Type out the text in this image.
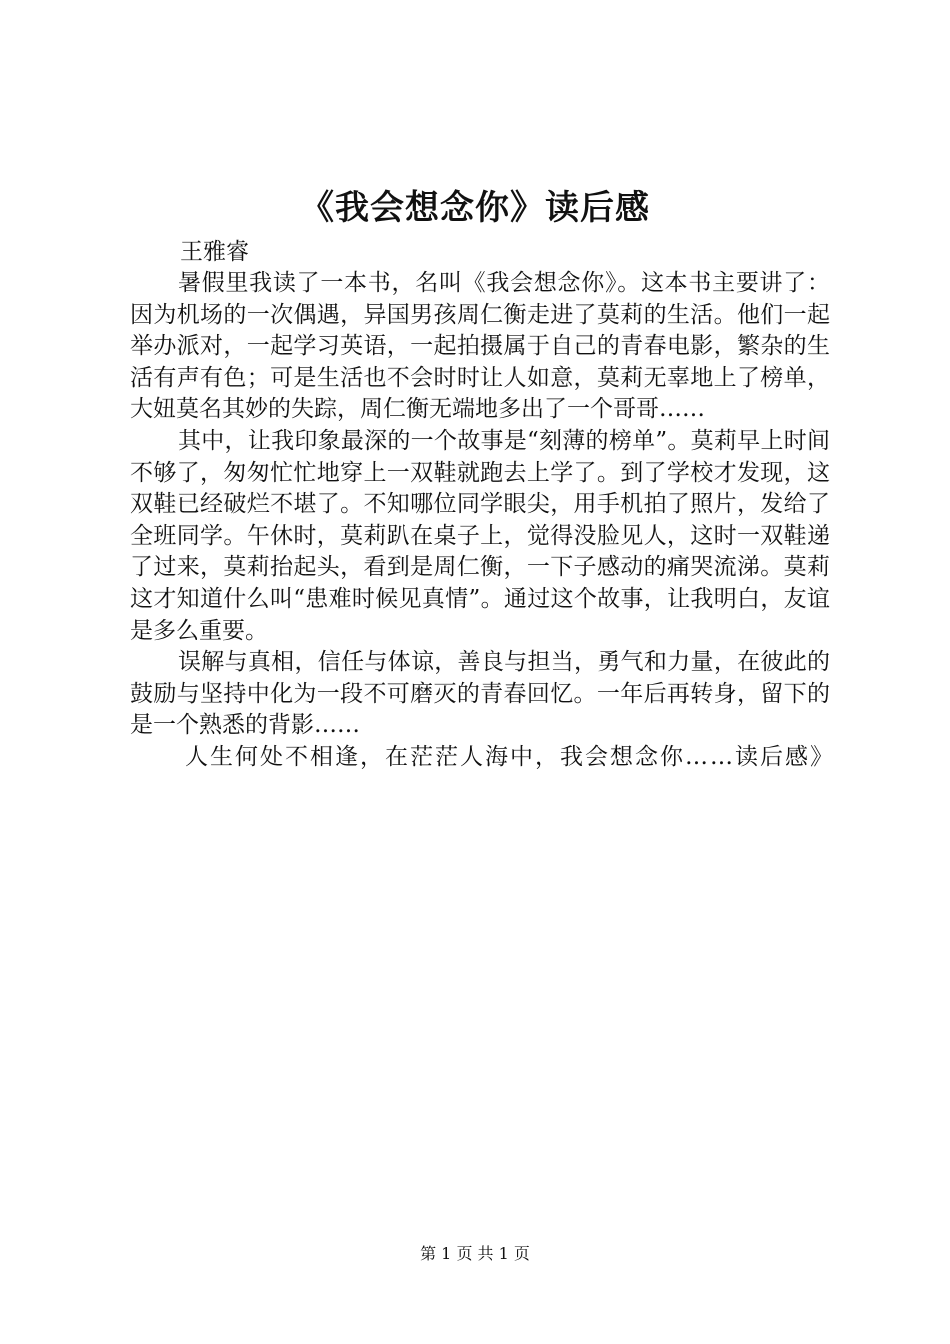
《我会想念你》读后感

王雅睿

暑假里我读了一本书，名叫《我会想念你》。这本书主要讲了：因为机场的一次偶遇，异国男孩周仁衡走进了莫莉的生活。他们一起举办派对，一起学习英语，一起拍摄属于自己的青春电影，繁杂的生活有声有色；可是生活也不会时时让人如意，莫莉无辜地上了榜单，大妞莫名其妙的失踪，周仁衡无端地多出了一个哥哥……

其中，让我印象最深的一个故事是“刻薄的榜单”。莫莉早上时间不够了，匆匆忙忙地穿上一双鞋就跑去上学了。到了学校才发现，这双鞋已经破烂不堪了。不知哪位同学眼尖，用手机拍了照片，发给了全班同学。午休时，莫莉趴在桌子上，觉得没脸见人，这时一双鞋递了过来，莫莉抬起头，看到是周仁衡，一下子感动的痛哭流涕。莫莉这才知道什么叫“患难时候见真情”。通过这个故事，让我明白，友谊是多么重要。

误解与真相，信任与体谅，善良与担当，勇气和力量，在彼此的鼓励与坚持中化为一段不可磨灭的青春回忆。一年后再转身，留下的是一个熟悉的背影……

人生何处不相逢，在茫茫人海中，我会想念你……读后感》

第 1 页 共 1 页
